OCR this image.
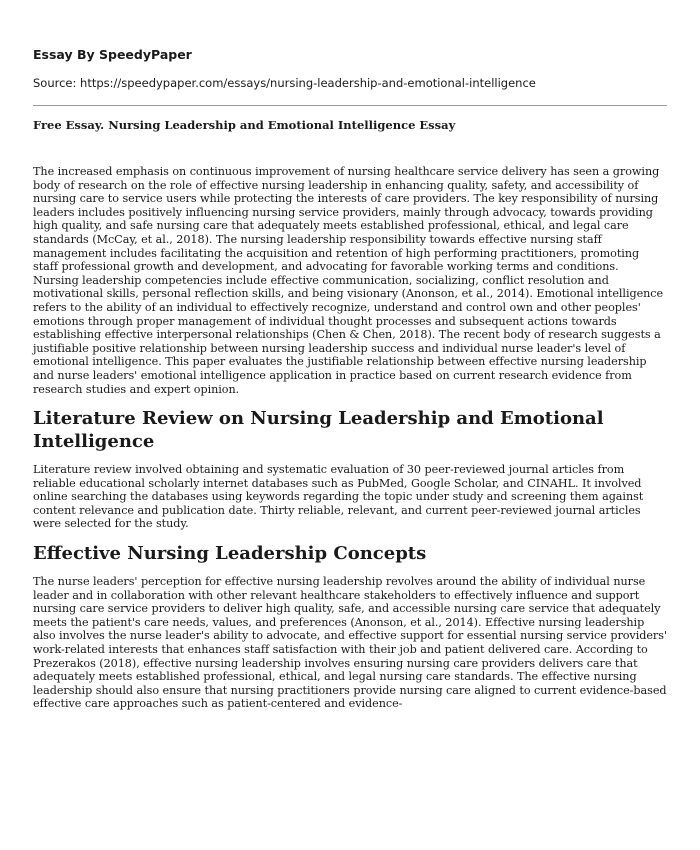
Essay By SpeedyPaper

Source: https://speedypaper.com/essays/nursing-leadership-and-emotional-intelligence

Free Essay. Nursing Leadership and Emotional Intelligence Essay

The increased emphasis on continuous improvement of nursing healthcare service delivery has seen a growing body of research on the role of effective nursing leadership in enhancing quality, safety, and accessibility of nursing care to service users while protecting the interests of care providers. The key responsibility of nursing leaders includes positively influencing nursing service providers, mainly through advocacy, towards providing high quality, and safe nursing care that adequately meets established professional, ethical, and legal care standards (McCay, et al., 2018). The nursing leadership responsibility towards effective nursing staff management includes facilitating the acquisition and retention of high performing practitioners, promoting staff professional growth and development, and advocating for favorable working terms and conditions. Nursing leadership competencies include effective communication, socializing, conflict resolution and motivational skills, personal reflection skills, and being visionary (Anonson, et al., 2014). Emotional intelligence refers to the ability of an individual to effectively recognize, understand and control own and other peoples' emotions through proper management of individual thought processes and subsequent actions towards establishing effective interpersonal relationships (Chen & Chen, 2018). The recent body of research suggests a justifiable positive relationship between nursing leadership success and individual nurse leader's level of emotional intelligence. This paper evaluates the justifiable relationship between effective nursing leadership and nurse leaders' emotional intelligence application in practice based on current research evidence from research studies and expert opinion.

Literature Review on Nursing Leadership and Emotional Intelligence

Literature review involved obtaining and systematic evaluation of 30 peer-reviewed journal articles from reliable educational scholarly internet databases such as PubMed, Google Scholar, and CINAHL. It involved online searching the databases using keywords regarding the topic under study and screening them against content relevance and publication date. Thirty reliable, relevant, and current peer-reviewed journal articles were selected for the study.

Effective Nursing Leadership Concepts

The nurse leaders' perception for effective nursing leadership revolves around the ability of individual nurse leader and in collaboration with other relevant healthcare stakeholders to effectively influence and support nursing care service providers to deliver high quality, safe, and accessible nursing care service that adequately meets the patient's care needs, values, and preferences (Anonson, et al., 2014). Effective nursing leadership also involves the nurse leader's ability to advocate, and effective support for essential nursing service providers' work-related interests that enhances staff satisfaction with their job and patient delivered care. According to Prezerakos (2018), effective nursing leadership involves ensuring nursing care providers delivers care that adequately meets established professional, ethical, and legal nursing care standards. The effective nursing leadership should also ensure that nursing practitioners provide nursing care aligned to current evidence-based effective care approaches such as patient-centered and evidence-
